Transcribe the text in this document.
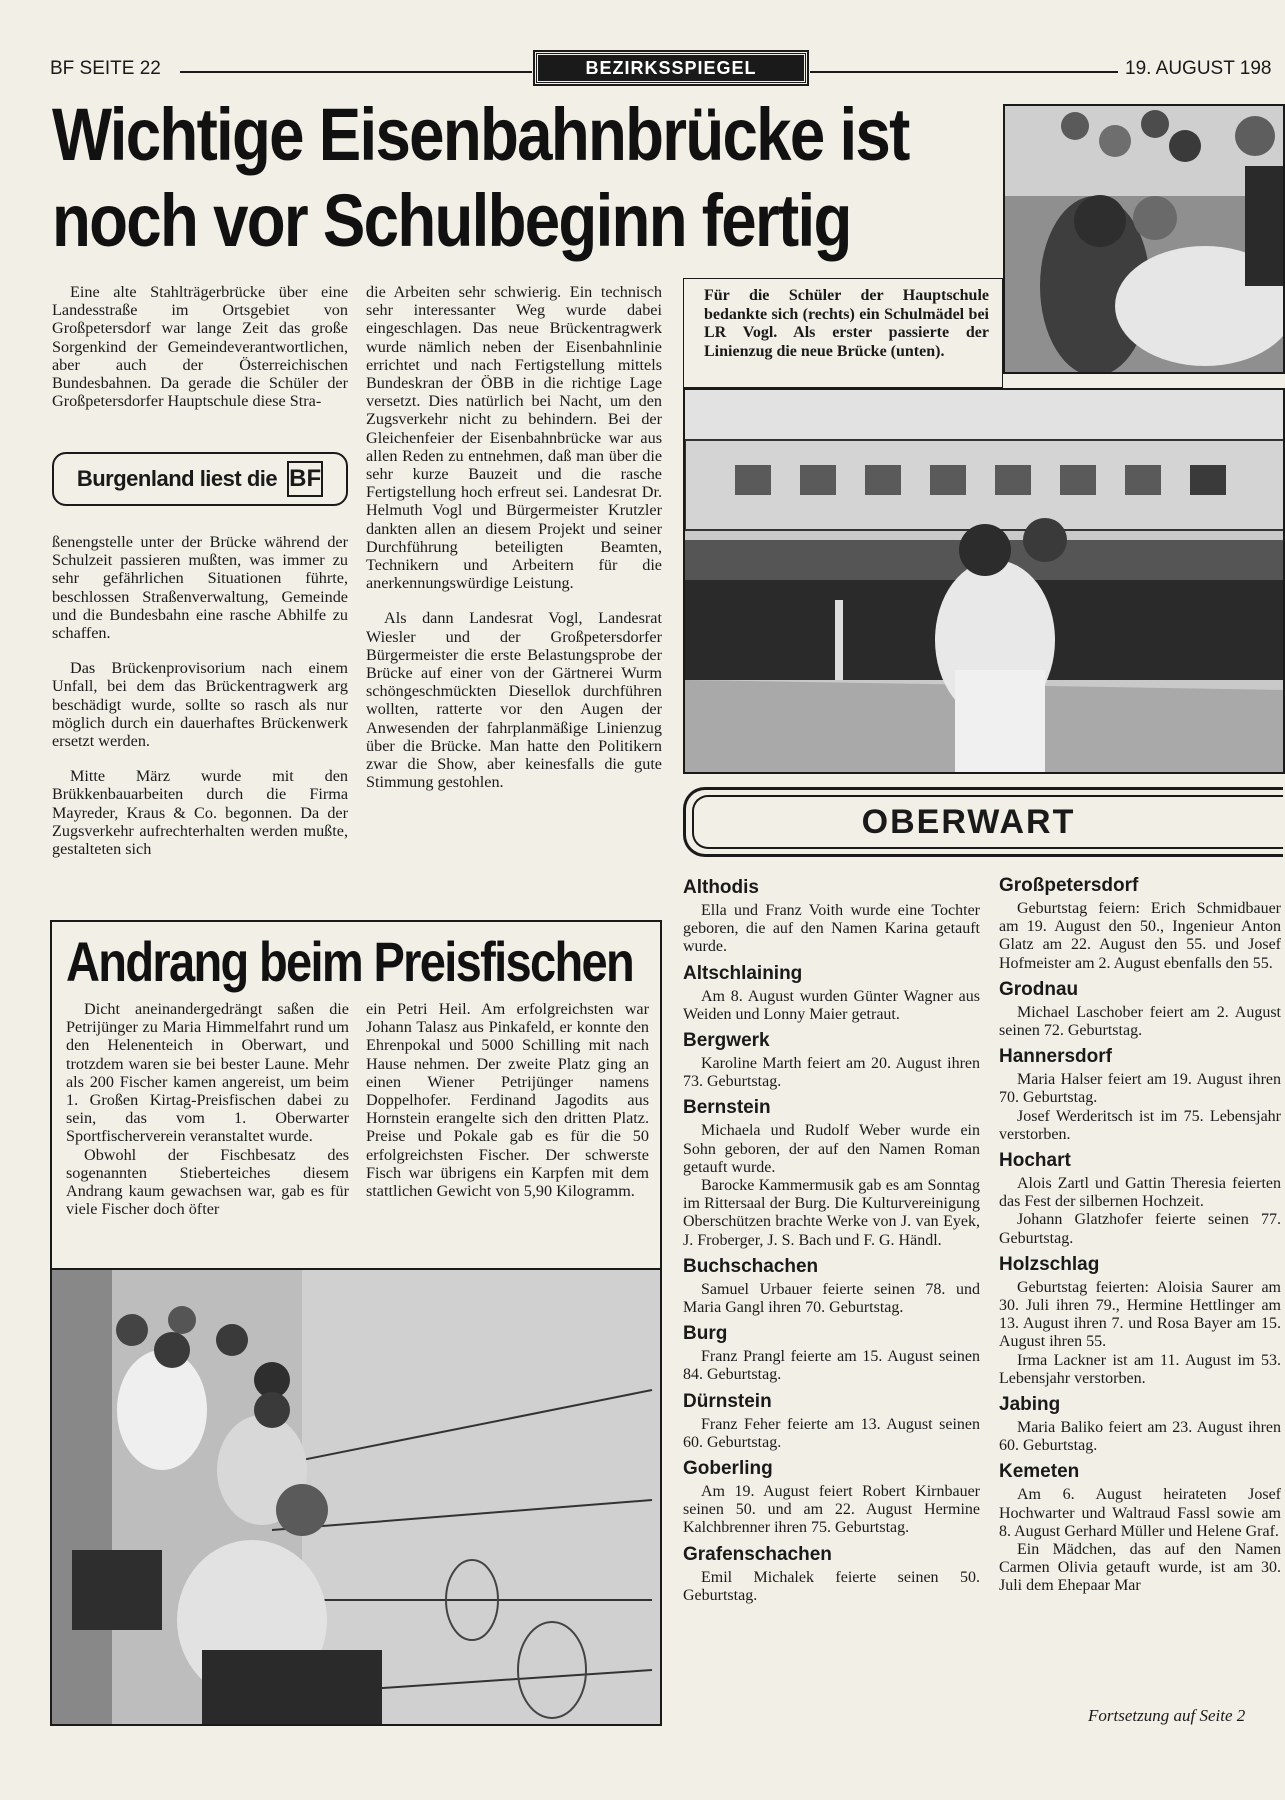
BF SEITE 22	BEZIRKSSPIEGEL	19. AUGUST 198
Wichtige Eisenbahnbrücke ist
noch vor Schulbeginn fertig

Eine alte Stahlträgerbrücke über eine Landesstraße im Ortsgebiet von Großpetersdorf war lange Zeit das große Sorgenkind der Gemeindeverantwortlichen, aber auch der Österreichischen Bundesbahnen. Da gerade die Schüler der Großpetersdorfer Hauptschule diese Stra-

Burgenland liest die BF

ßenengstelle unter der Brücke während der Schulzeit passieren mußten, was immer zu sehr gefährlichen Situationen führte, beschlossen Straßenverwaltung, Gemeinde und die Bundesbahn eine rasche Abhilfe zu schaffen.

Das Brückenprovisorium nach einem Unfall, bei dem das Brückentragwerk arg beschädigt wurde, sollte so rasch als nur möglich durch ein dauerhaftes Brückenwerk ersetzt werden.

Mitte März wurde mit den Brükkenbauarbeiten durch die Firma Mayreder, Kraus & Co. begonnen. Da der Zugsverkehr aufrechterhalten werden mußte, gestalteten sich

die Arbeiten sehr schwierig. Ein technisch sehr interessanter Weg wurde dabei eingeschlagen. Das neue Brückentragwerk wurde nämlich neben der Eisenbahnlinie errichtet und nach Fertigstellung mittels Bundeskran der ÖBB in die richtige Lage versetzt. Dies natürlich bei Nacht, um den Zugsverkehr nicht zu behindern. Bei der Gleichenfeier der Eisenbahnbrücke war aus allen Reden zu entnehmen, daß man über die sehr kurze Bauzeit und die rasche Fertigstellung hoch erfreut sei. Landesrat Dr. Helmuth Vogl und Bürgermeister Krutzler dankten allen an diesem Projekt und seiner Durchführung beteiligten Beamten, Technikern und Arbeitern für die anerkennungswürdige Leistung.

Als dann Landesrat Vogl, Landesrat Wiesler und der Großpetersdorfer Bürgermeister die erste Belastungsprobe der Brücke auf einer von der Gärtnerei Wurm schöngeschmückten Diesellok durchführen wollten, ratterte vor den Augen der Anwesenden der fahrplanmäßige Linienzug über die Brücke. Man hatte den Politikern zwar die Show, aber keinesfalls die gute Stimmung gestohlen.

Für die Schüler der Hauptschule bedankte sich (rechts) ein Schulmädel bei LR Vogl. Als erster passierte der Linienzug die neue Brücke (unten).
OBERWART
Althodis

Ella und Franz Voith wurde eine Tochter geboren, die auf den Namen Karina getauft wurde.

Altschlaining

Am 8. August wurden Günter Wagner aus Weiden und Lonny Maier getraut.

Bergwerk

Karoline Marth feiert am 20. August ihren 73. Geburtstag.

Bernstein

Michaela und Rudolf Weber wurde ein Sohn geboren, der auf den Namen Roman getauft wurde.

Barocke Kammermusik gab es am Sonntag im Rittersaal der Burg. Die Kulturvereinigung Oberschützen brachte Werke von J. van Eyek, J. Froberger, J. S. Bach und F. G. Händl.

Buchschachen

Samuel Urbauer feierte seinen 78. und Maria Gangl ihren 70. Geburtstag.

Burg

Franz Prangl feierte am 15. August seinen 84. Geburtstag.

Dürnstein

Franz Feher feierte am 13. August seinen 60. Geburtstag.

Goberling

Am 19. August feiert Robert Kirnbauer seinen 50. und am 22. August Hermine Kalchbrenner ihren 75. Geburtstag.

Grafenschachen

Emil Michalek feierte seinen 50. Geburtstag.

Großpetersdorf

Geburtstag feiern: Erich Schmidbauer am 19. August den 50., Ingenieur Anton Glatz am 22. August den 55. und Josef Hofmeister am 2. August ebenfalls den 55.

Grodnau

Michael Laschober feiert am 2. August seinen 72. Geburtstag.

Hannersdorf

Maria Halser feiert am 19. August ihren 70. Geburtstag.

Josef Werderitsch ist im 75. Lebensjahr verstorben.

Hochart

Alois Zartl und Gattin Theresia feierten das Fest der silbernen Hochzeit.

Johann Glatzhofer feierte seinen 77. Geburtstag.

Holzschlag

Geburtstag feierten: Aloisia Saurer am 30. Juli ihren 79., Hermine Hettlinger am 13. August ihren 7. und Rosa Bayer am 15. August ihren 55.

Irma Lackner ist am 11. August im 53. Lebensjahr verstorben.

Jabing

Maria Baliko feiert am 23. August ihren 60. Geburtstag.

Kemeten

Am 6. August heirateten Josef Hochwarter und Waltraud Fassl sowie am 8. August Gerhard Müller und Helene Graf.

Ein Mädchen, das auf den Namen Carmen Olivia getauft wurde, ist am 30. Juli dem Ehepaar Mar

Fortsetzung auf Seite 2
Andrang beim Preisfischen

Dicht aneinandergedrängt saßen die Petrijünger zu Maria Himmelfahrt rund um den Helenenteich in Oberwart, und trotzdem waren sie bei bester Laune. Mehr als 200 Fischer kamen angereist, um beim 1. Großen Kirtag-Preisfischen dabei zu sein, das vom 1. Oberwarter Sportfischerverein veranstaltet wurde.

Obwohl der Fischbesatz des sogenannten Stieberteiches diesem Andrang kaum gewachsen war, gab es für viele Fischer doch öfter

ein Petri Heil. Am erfolgreichsten war Johann Talasz aus Pinkafeld, er konnte den Ehrenpokal und 5000 Schilling mit nach Hause nehmen. Der zweite Platz ging an einen Wiener Petrijünger namens Doppelhofer. Ferdinand Jagodits aus Hornstein erangelte sich den dritten Platz. Preise und Pokale gab es für die 50 erfolgreichsten Fischer. Der schwerste Fisch war übrigens ein Karpfen mit dem stattlichen Gewicht von 5,90 Kilogramm.
